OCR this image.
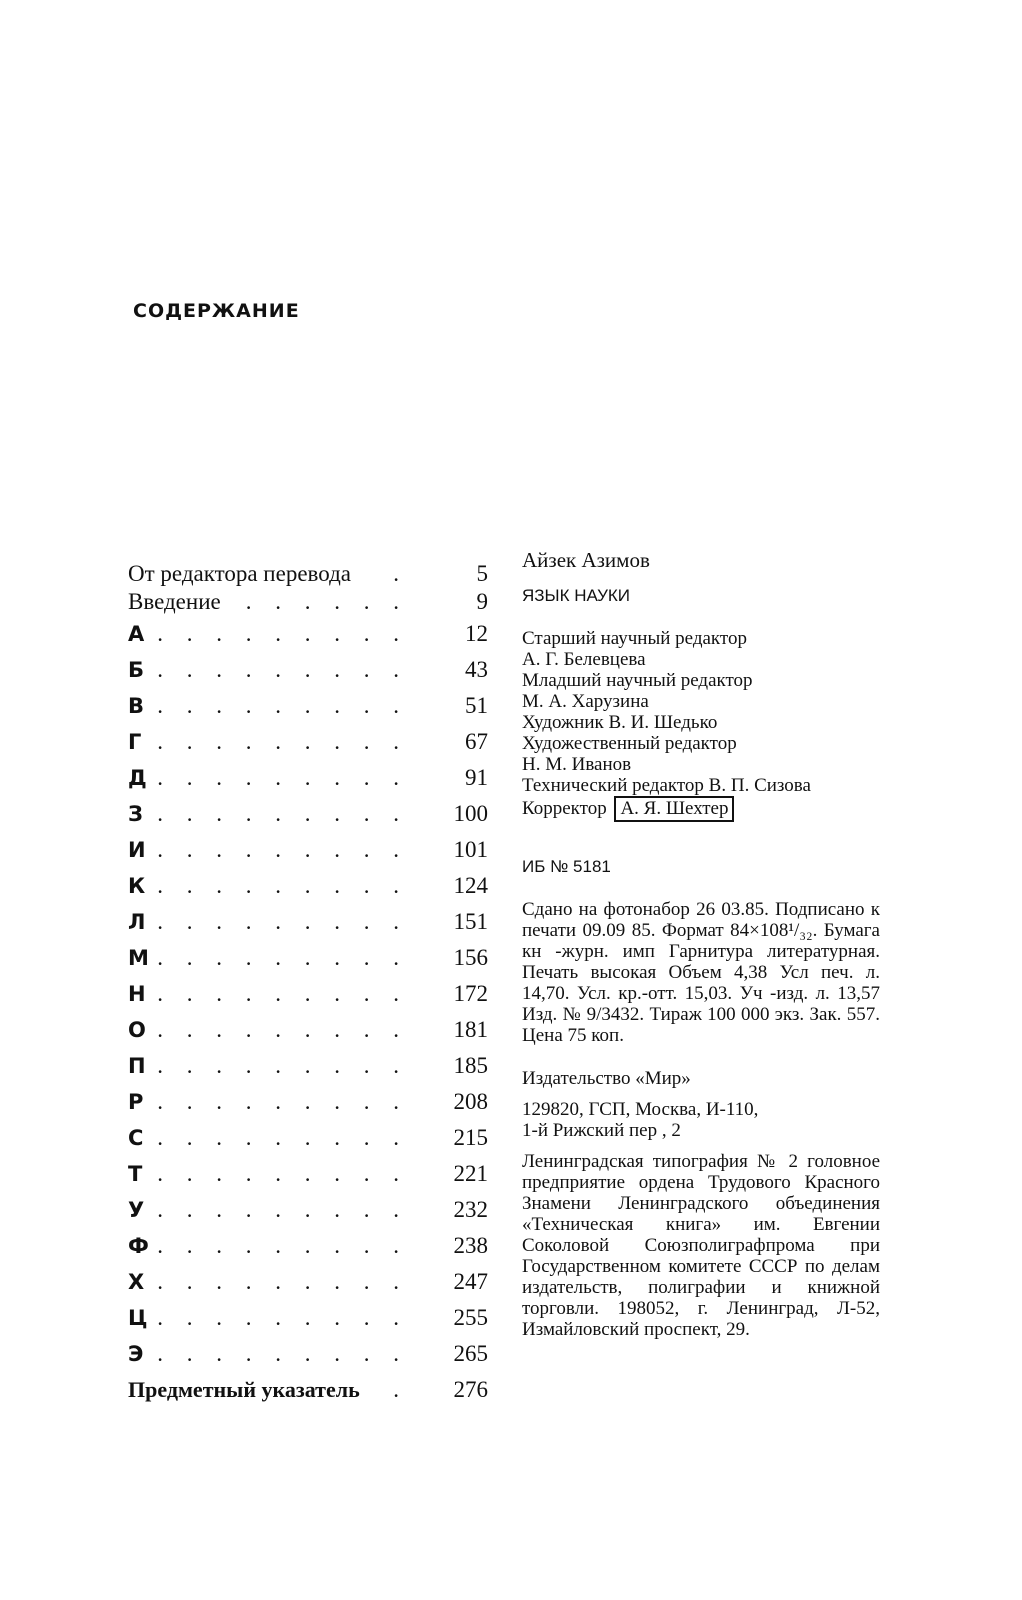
СОДЕРЖАНИЕ
От редактора перевода .	5
Введение . . . . . .	9
А . . . . . . . . . 12
Б . . . . . . . . . 43
В . . . . . . . . . 51
Г . . . . . . . . . 67
Д . . . . . . . . . 91
З . . . . . . . . . 100
И . . . . . . . . . 101
К . . . . . . . . . 124
Л . . . . . . . . . 151
М . . . . . . . . . 156
Н . . . . . . . . . 172
О . . . . . . . . . 181
П . . . . . . . . . 185
Р . . . . . . . . . 208
С . . . . . . . . . 215
Т . . . . . . . . . 221
У . . . . . . . . . 232
Ф . . . . . . . . . 238
Х . . . . . . . . . 247
Ц . . . . . . . . . 255
Э . . . . . . . . . 265
Предметный указатель . 276

Айзек Азимов

ЯЗЫК НАУКИ

Старший научный редактор

А. Г. Белевцева

Младший научный редактор

М. А. Харузина

Художник В. И. Шедько

Художественный редактор

Н. М. Иванов

Технический редактор В. П. Сизова

Корректор А. Я. Шехтер

ИБ № 5181

Сдано на фотонабор 26 03.85. Подписано к печати 09.09 85. Формат 84×108¹/₃₂. Бумага кн -журн. имп Гарнитура литературная. Печать высокая Объем 4,38 Усл печ. л. 14,70. Усл. кр.-отт. 15,03. Уч -изд. л. 13,57 Изд. № 9/3432. Тираж 100 000 экз. Зак. 557. Цена 75 коп.

Издательство «Мир»

129820, ГСП, Москва, И-110,

1-й Рижский пер , 2

Ленинградская типография № 2 головное предприятие ордена Трудового Красного Знамени Ленинградского объединения «Техническая книга» им. Евгении Соколовой Союзполиграфпрома при Государственном комитете СССР по делам издательств, полиграфии и книжной торговли. 198052, г. Ленинград, Л-52, Измайловский проспект, 29.
